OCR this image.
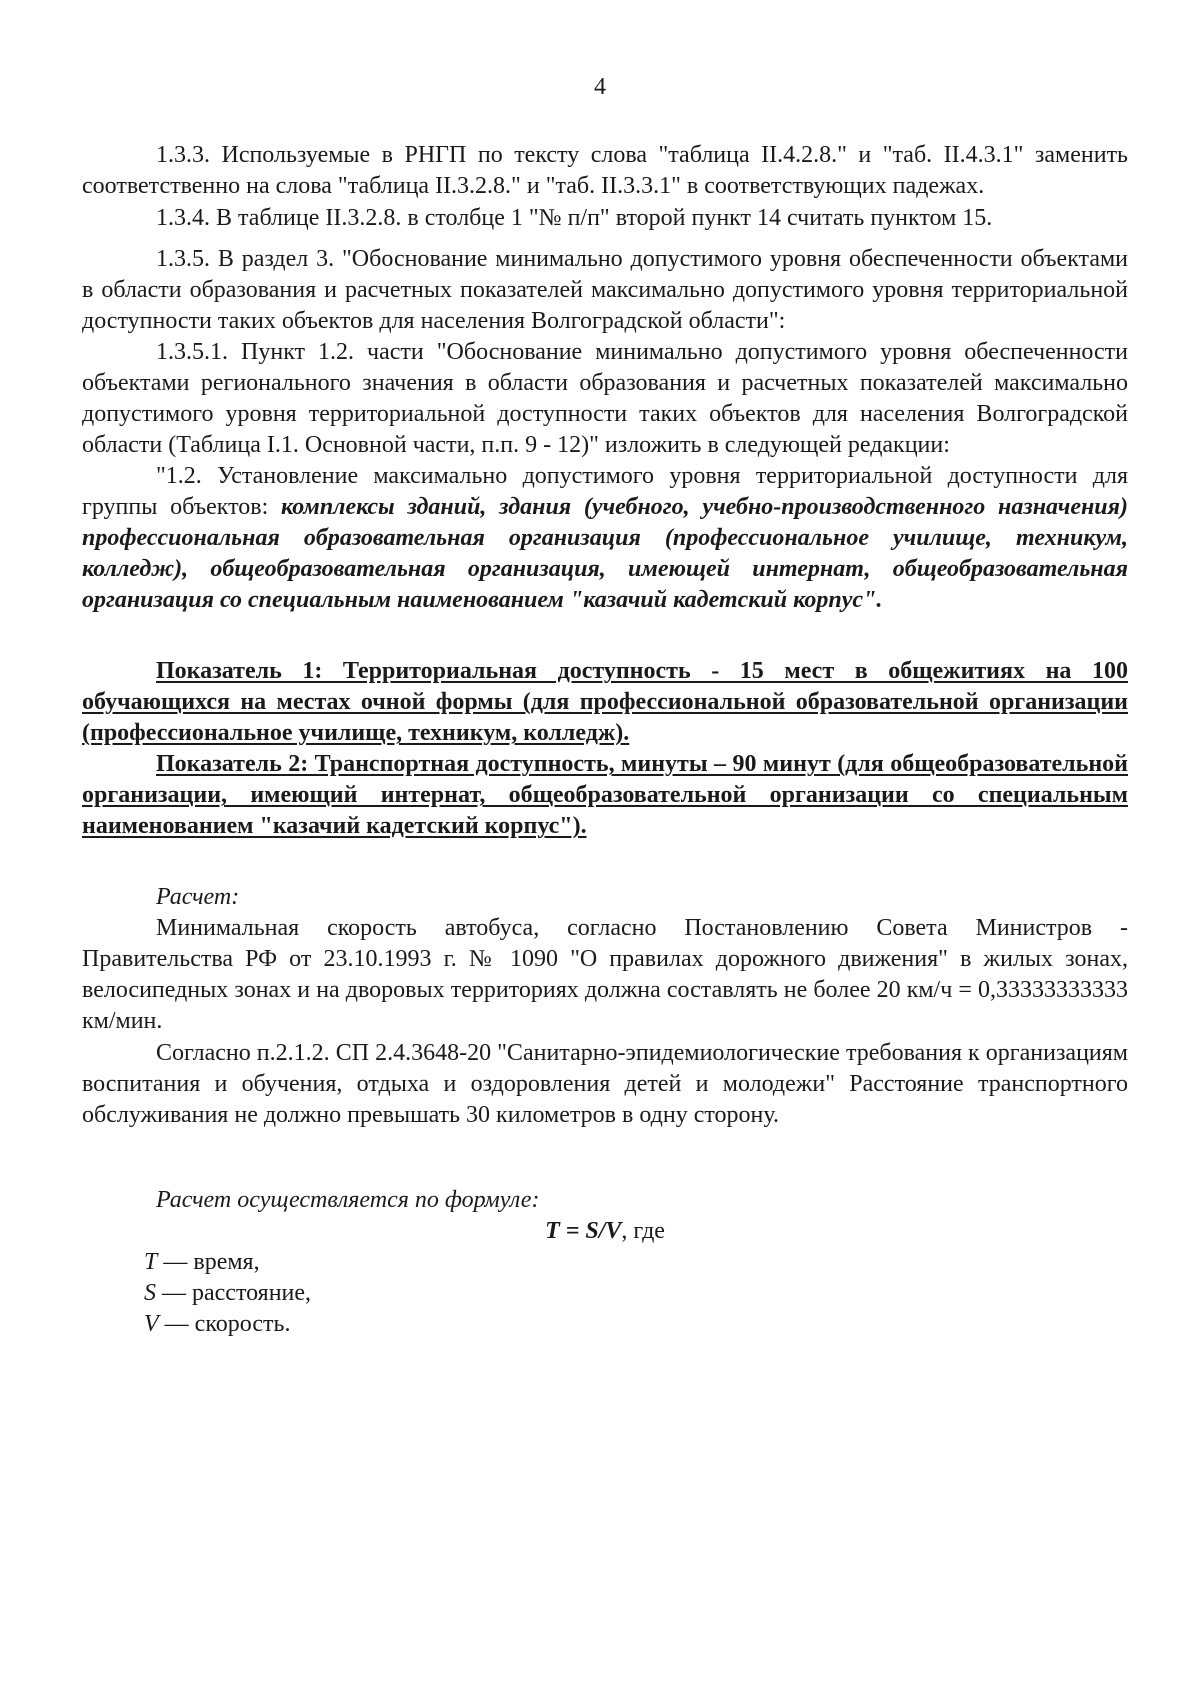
4

1.3.3. Используемые в РНГП по тексту слова "таблица II.4.2.8." и "таб. II.4.3.1" заменить соответственно на слова "таблица II.3.2.8." и "таб. II.3.3.1" в соответствующих падежах.

1.3.4. В таблице II.3.2.8. в столбце 1 "№ п/п" второй пункт 14 считать пунктом 15.

1.3.5. В раздел 3. "Обоснование минимально допустимого уровня обеспеченности объектами в области образования и расчетных показателей максимально допустимого уровня территориальной доступности таких объектов для населения Волгоградской области":

1.3.5.1. Пункт 1.2. части "Обоснование минимально допустимого уровня обеспеченности объектами регионального значения в области образования и расчетных показателей максимально допустимого уровня территориальной доступности таких объектов для населения Волгоградской области (Таблица I.1. Основной части, п.п. 9 - 12)" изложить в следующей редакции:

"1.2. Установление максимально допустимого уровня территориальной доступности для группы объектов: комплексы зданий, здания (учебного, учебно-производственного назначения) профессиональная образовательная организация (профессиональное училище, техникум, колледж), общеобразовательная организация, имеющей интернат, общеобразовательная организация со специальным наименованием "казачий кадетский корпус".

Показатель 1: Территориальная доступность - 15 мест в общежитиях на 100 обучающихся на местах очной формы (для профессиональной образовательной организации (профессиональное училище, техникум, колледж).

Показатель 2: Транспортная доступность, минуты – 90 минут (для общеобразовательной организации, имеющий интернат, общеобразовательной организации со специальным наименованием "казачий кадетский корпус").

Расчет:

Минимальная скорость автобуса, согласно Постановлению Совета Министров - Правительства РФ от 23.10.1993 г. № 1090 "О правилах дорожного движения" в жилых зонах, велосипедных зонах и на дворовых территориях должна составлять не более 20 км/ч = 0,33333333333 км/мин.

Согласно п.2.1.2. СП 2.4.3648-20 "Санитарно-эпидемиологические требования к организациям воспитания и обучения, отдыха и оздоровления детей и молодежи" Расстояние транспортного обслуживания не должно превышать 30 километров в одну сторону.

Расчет осуществляется по формуле:

T = S/V, где

T — время,

S — расстояние,

V — скорость.
